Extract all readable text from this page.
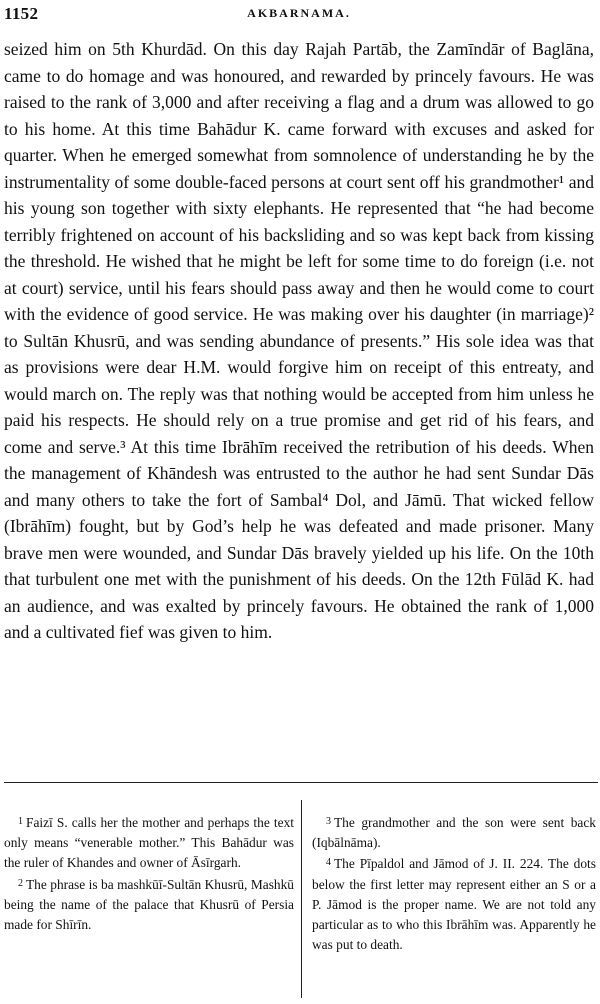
1152	AKBARNAMA.

seized him on 5th Khurdād. On this day Rajah Partāb, the Zamīndār of Baglāna, came to do homage and was honoured, and rewarded by princely favours. He was raised to the rank of 3,000 and after receiving a flag and a drum was allowed to go to his home. At this time Bahādur K. came forward with excuses and asked for quarter. When he emerged somewhat from somnolence of understanding he by the instrumentality of some double-faced persons at court sent off his grandmother¹ and his young son together with sixty elephants. He represented that “he had become terribly frightened on account of his backsliding and so was kept back from kissing the threshold. He wished that he might be left for some time to do foreign (i.e. not at court) service, until his fears should pass away and then he would come to court with the evidence of good service. He was making over his daughter (in marriage)² to Sultān Khusrū, and was sending abundance of presents.” His sole idea was that as provisions were dear H.M. would forgive him on receipt of this entreaty, and would march on. The reply was that nothing would be accepted from him unless he paid his respects. He should rely on a true promise and get rid of his fears, and come and serve.³ At this time Ibrāhīm received the retribution of his deeds. When the management of Khāndesh was entrusted to the author he had sent Sundar Dās and many others to take the fort of Sambal⁴ Dol, and Jāmū. That wicked fellow (Ibrāhīm) fought, but by God’s help he was defeated and made prisoner. Many brave men were wounded, and Sundar Dās bravely yielded up his life. On the 10th that turbulent one met with the punishment of his deeds. On the 12th Fūlād K. had an audience, and was exalted by princely favours. He obtained the rank of 1,000 and a cultivated fief was given to him.

$^1$ Faizī S. calls her the mother and perhaps the text only means “venerable mother.” This Bahādur was the ruler of Khandes and owner of Āsīrgarh.

$^2$ The phrase is ba mashkūī-Sultān Khusrū, Mashkū being the name of the palace that Khusrū of Persia made for Shīrīn.

$^3$ The grandmother and the son were sent back (Iqbālnāma).

$^4$ The Pīpaldol and Jāmod of J. II. 224. The dots below the first letter may represent either an S or a P. Jāmod is the proper name. We are not told any particular as to who this Ibrāhīm was. Apparently he was put to death.
